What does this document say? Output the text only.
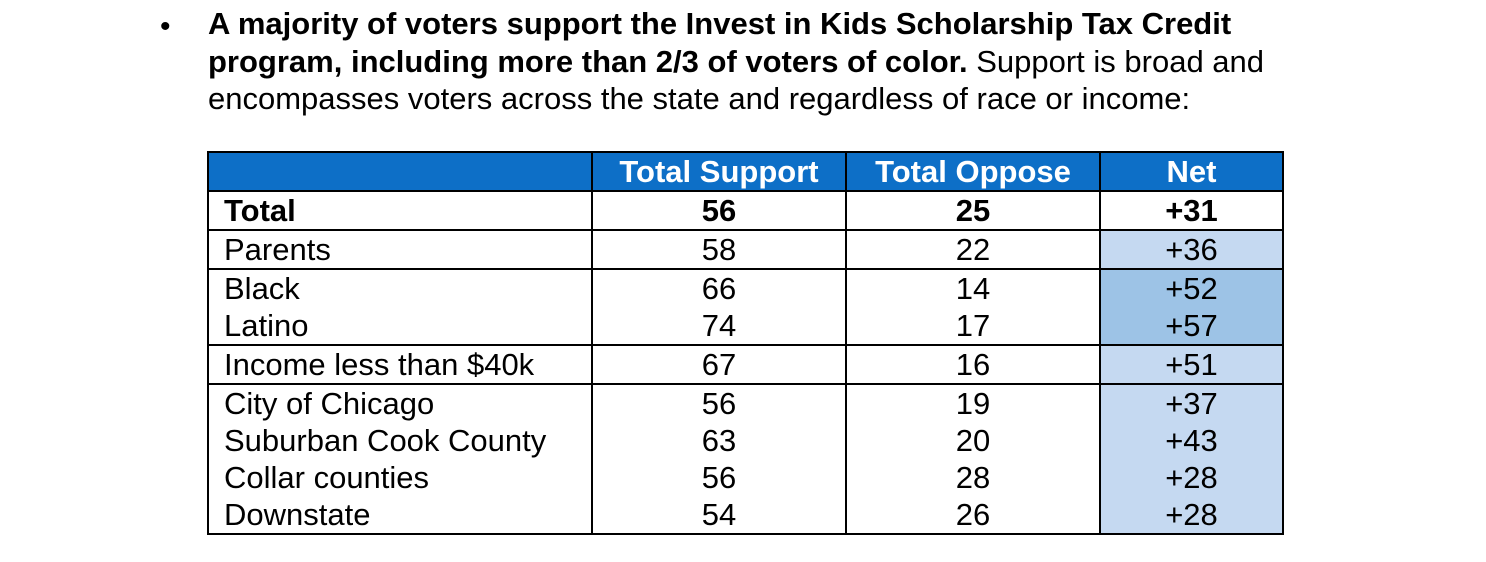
• A majority of voters support the Invest in Kids Scholarship Tax Credit program, including more than 2/3 of voters of color. Support is broad and encompasses voters across the state and regardless of race or income:
	Total Support	Total Oppose	Net
Total	56	25	+31
Parents	58	22	+36
Black	66	14	+52
Latino	74	17	+57
Income less than $40k	67	16	+51
City of Chicago	56	19	+37
Suburban Cook County	63	20	+43
Collar counties	56	28	+28
Downstate	54	26	+28
